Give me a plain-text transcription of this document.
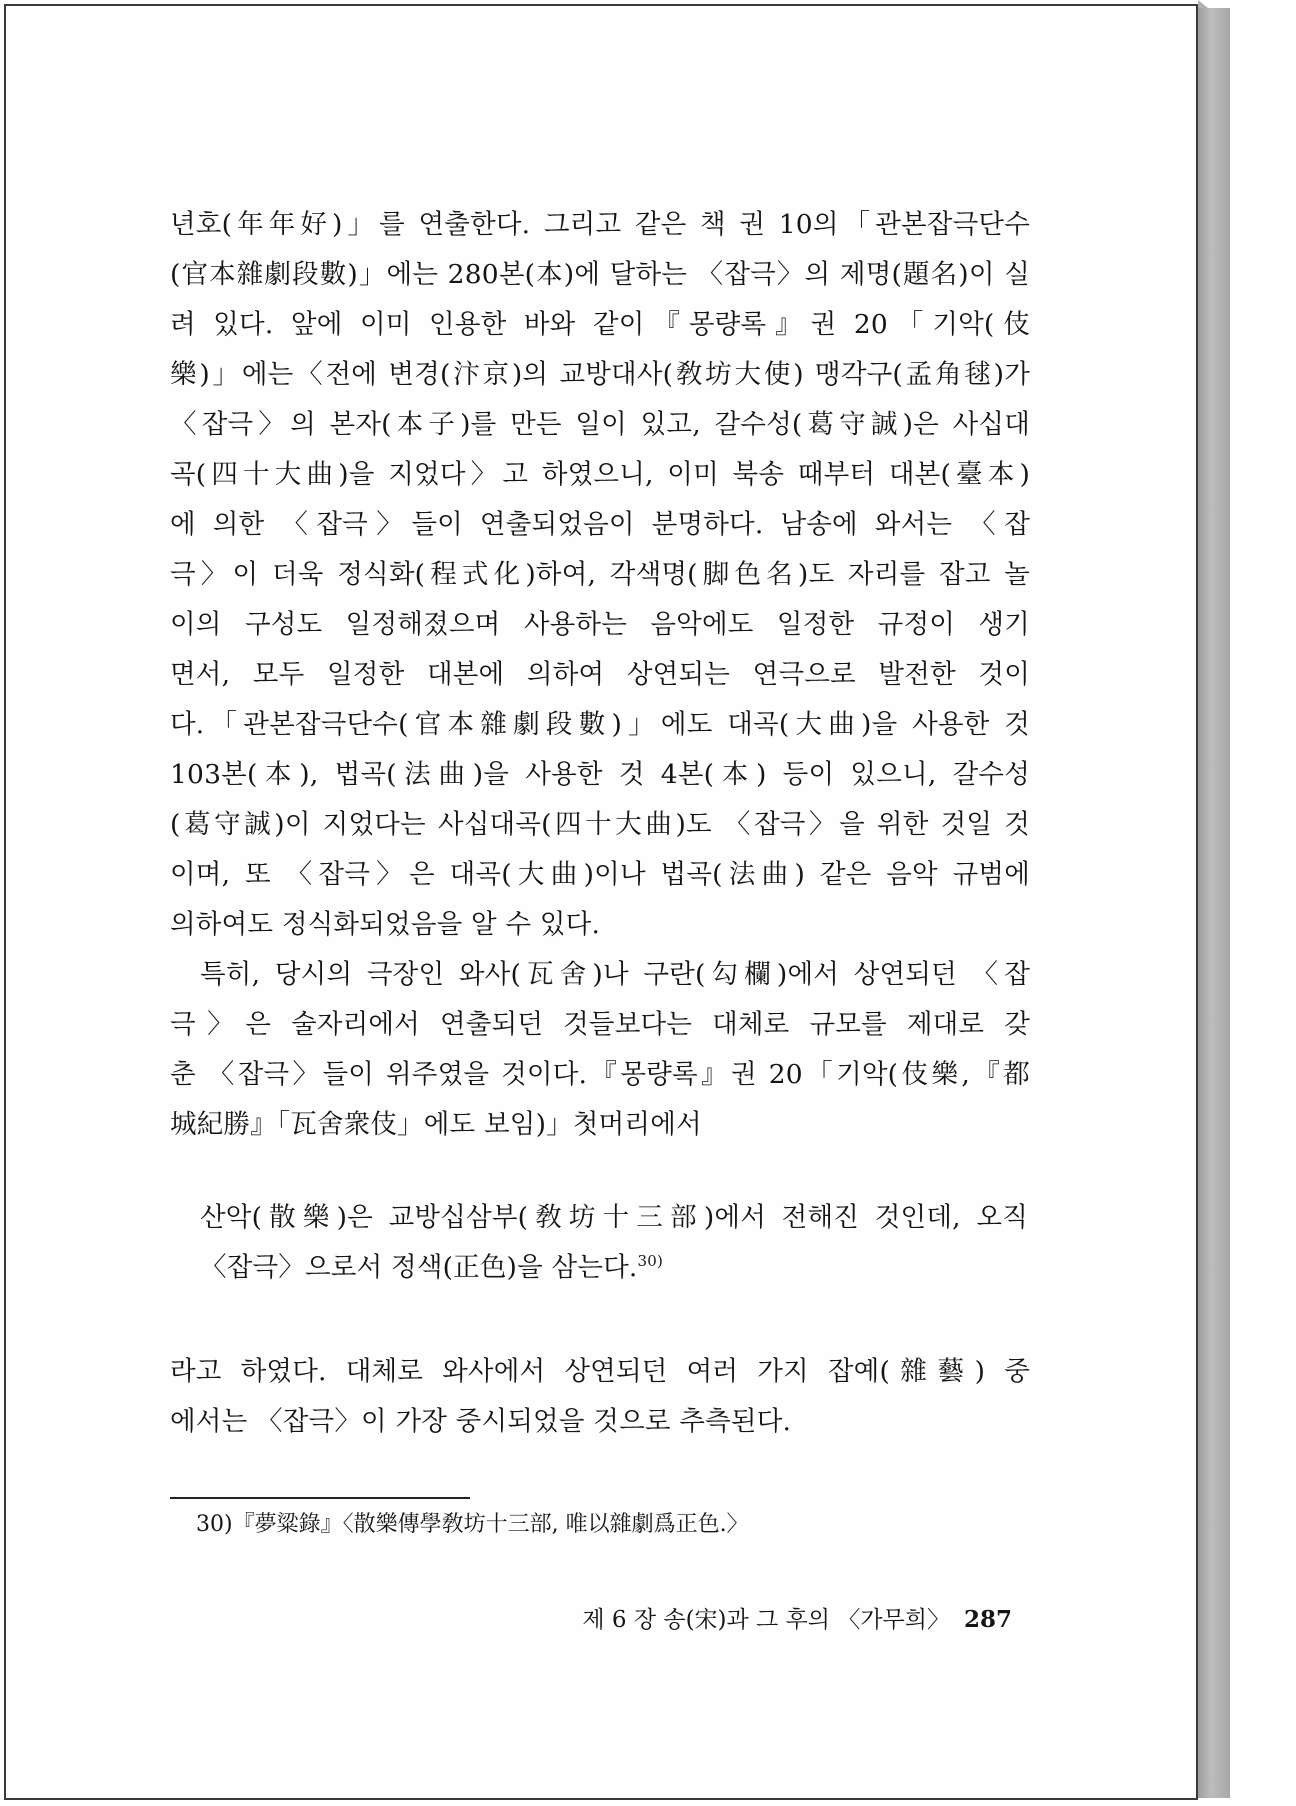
년호(年年好)」를 연출한다. 그리고 같은 책 권 10의「관본잡극단수
(官本雜劇段數)」에는 280본(本)에 달하는 〈잡극〉의 제명(題名)이 실
려 있다. 앞에 이미 인용한 바와 같이『몽량록』권 20「기악(伎
樂)」에는〈전에 변경(汴京)의 교방대사(敎坊大使) 맹각구(孟角毬)가
〈잡극〉의 본자(本子)를 만든 일이 있고, 갈수성(葛守誠)은 사십대
곡(四十大曲)을 지었다〉고 하였으니, 이미 북송 때부터 대본(臺本)
에 의한 〈잡극〉들이 연출되었음이 분명하다. 남송에 와서는 〈잡
극〉이 더욱 정식화(程式化)하여, 각색명(脚色名)도 자리를 잡고 놀
이의 구성도 일정해졌으며 사용하는 음악에도 일정한 규정이 생기
면서, 모두 일정한 대본에 의하여 상연되는 연극으로 발전한 것이
다.「관본잡극단수(官本雜劇段數)」에도 대곡(大曲)을 사용한 것
103본(本), 법곡(法曲)을 사용한 것 4본(本) 등이 있으니, 갈수성
(葛守誠)이 지었다는 사십대곡(四十大曲)도 〈잡극〉을 위한 것일 것
이며, 또 〈잡극〉은 대곡(大曲)이나 법곡(法曲) 같은 음악 규범에
의하여도 정식화되었음을 알 수 있다.
특히, 당시의 극장인 와사(瓦舍)나 구란(勾欄)에서 상연되던 〈잡
극〉은 술자리에서 연출되던 것들보다는 대체로 규모를 제대로 갖
춘 〈잡극〉들이 위주였을 것이다.『몽량록』권 20「기악(伎樂,『都
城紀勝』「瓦舍衆伎」에도 보임)」첫머리에서
산악(散樂)은 교방십삼부(敎坊十三部)에서 전해진 것인데, 오직
〈잡극〉으로서 정색(正色)을 삼는다.$^{30)}$
라고 하였다. 대체로 와사에서 상연되던 여러 가지 잡예(雜藝) 중
에서는 〈잡극〉이 가장 중시되었을 것으로 추측된다.
30)『夢粱錄』〈散樂傳學敎坊十三部, 唯以雜劇爲正色.〉
제 6 장 송(宋)과 그 후의 〈가무희〉 287
